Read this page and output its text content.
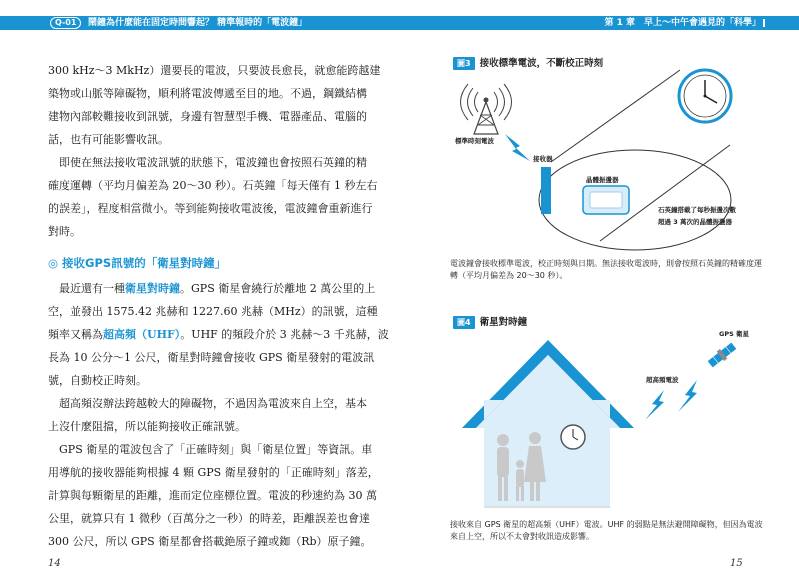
Q-01	鬧鐘為什麼能在固定時間響起？ 精準報時的「電波鐘」	第 1 章　早上～中午會遇見的「科學」

300 kHz～3 MkHz）還要長的電波，只要波長愈長，就愈能跨越建

築物或山脈等障礙物，順利將電波傳遞至目的地。不過，鋼鐵結構

建物內部較難接收到訊號，身邊有智慧型手機、電器產品、電腦的

話，也有可能影響收訊。

即使在無法接收電波訊號的狀態下，電波鐘也會按照石英鐘的精

確度運轉（平均月偏差為 20～30 秒）。石英鐘「每天僅有 1 秒左右

的誤差」，程度相當微小。等到能夠接收電波後，電波鐘會重新進行

對時。

◎ 接收GPS訊號的「衛星對時鐘」

最近還有一種衛星對時鐘。GPS 衛星會繞行於離地 2 萬公里的上

空，並發出 1575.42 兆赫和 1227.60 兆赫（MHz）的訊號，這種

頻率又稱為超高頻（UHF）。UHF 的頻段介於 3 兆赫～3 千兆赫，波

長為 10 公分～1 公尺，衛星對時鐘會接收 GPS 衛星發射的電波訊

號，自動校正時刻。

超高頻沒辦法跨越較大的障礙物，不過因為電波來自上空，基本

上沒什麼阻擋，所以能夠接收正確訊號。

GPS 衛星的電波包含了「正確時刻」與「衛星位置」等資訊。車

用導航的接收器能夠根據 4 顆 GPS 衛星發射的「正確時刻」落差，

計算與每顆衛星的距離，進而定位座標位置。電波的秒速約為 30 萬

公里，就算只有 1 微秒（百萬分之一秒）的時差，距離誤差也會達

300 公尺，所以 GPS 衛星都會搭載銫原子鐘或銣（Rb）原子鐘。

14
圖3 接收標準電波，不斷校正時刻
圖4 衛星對時鐘
標準時刻電波
接收器
晶體振盪器
石英鐘搭載了每秒振盪次數
超過 3 萬次的晶體振盪器
GPS 衛星
超高頻電波
電波鐘會接收標準電波，校正時刻與日期。無法接收電波時，則會按照石英鐘的精確度運轉（平均月偏差為 20～30 秒）。
接收來自 GPS 衛星的超高頻（UHF）電波。UHF 的弱點是無法避開障礙物，但因為電波來自上空，所以不太會對收訊造成影響。
15
